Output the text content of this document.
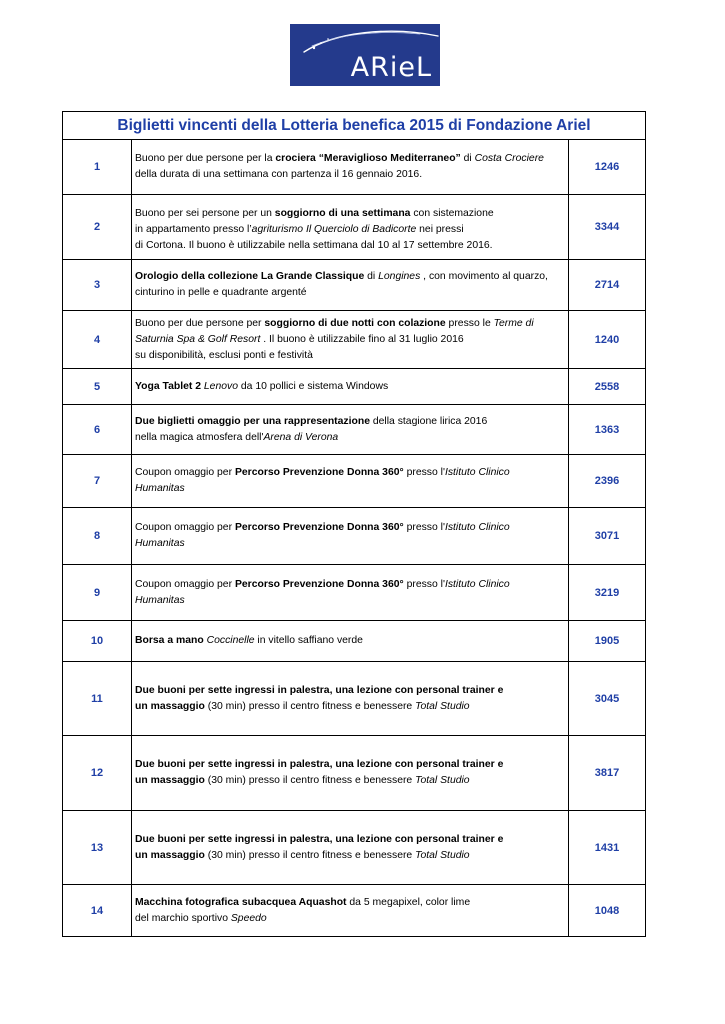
ARieL
Biglietti vincenti della Lotteria benefica 2015 di Fondazione Ariel		
1	Buono per due persone per la crociera “Meraviglioso Mediterraneo” di Costa Crociere
della durata di una settimana con partenza il 16 gennaio 2016.	1246
2	Buono per sei persone per un soggiorno di una settimana con sistemazione
in appartamento presso l’agriturismo Il Querciolo di Badicorte nei pressi
di Cortona. Il buono è utilizzabile nella settimana dal 10 al 17 settembre 2016.	3344
3	Orologio della collezione La Grande Classique di Longines , con movimento al quarzo,
cinturino in pelle e quadrante argenté	2714
4	Buono per due persone per soggiorno di due notti con colazione presso le Terme di
Saturnia Spa & Golf Resort . Il buono è utilizzabile fino al 31 luglio 2016
su disponibilità, esclusi ponti e festività	1240
5	Yoga Tablet 2 Lenovo da 10 pollici e sistema Windows	2558
6	Due biglietti omaggio per una rappresentazione della stagione lirica 2016
nella magica atmosfera dell'Arena di Verona	1363
7	Coupon omaggio per Percorso Prevenzione Donna 360° presso l'Istituto Clinico
Humanitas	2396
8	Coupon omaggio per Percorso Prevenzione Donna 360° presso l'Istituto Clinico
Humanitas	3071
9	Coupon omaggio per Percorso Prevenzione Donna 360° presso l'Istituto Clinico
Humanitas	3219
10	Borsa a mano Coccinelle in vitello saffiano verde	1905
11	Due buoni per sette ingressi in palestra, una lezione con personal trainer e
un massaggio (30 min) presso il centro fitness e benessere Total Studio	3045
12	Due buoni per sette ingressi in palestra, una lezione con personal trainer e
un massaggio (30 min) presso il centro fitness e benessere Total Studio	3817
13	Due buoni per sette ingressi in palestra, una lezione con personal trainer e
un massaggio (30 min) presso il centro fitness e benessere Total Studio	1431
14	Macchina fotografica subacquea Aquashot da 5 megapixel, color lime
del marchio sportivo Speedo	1048
